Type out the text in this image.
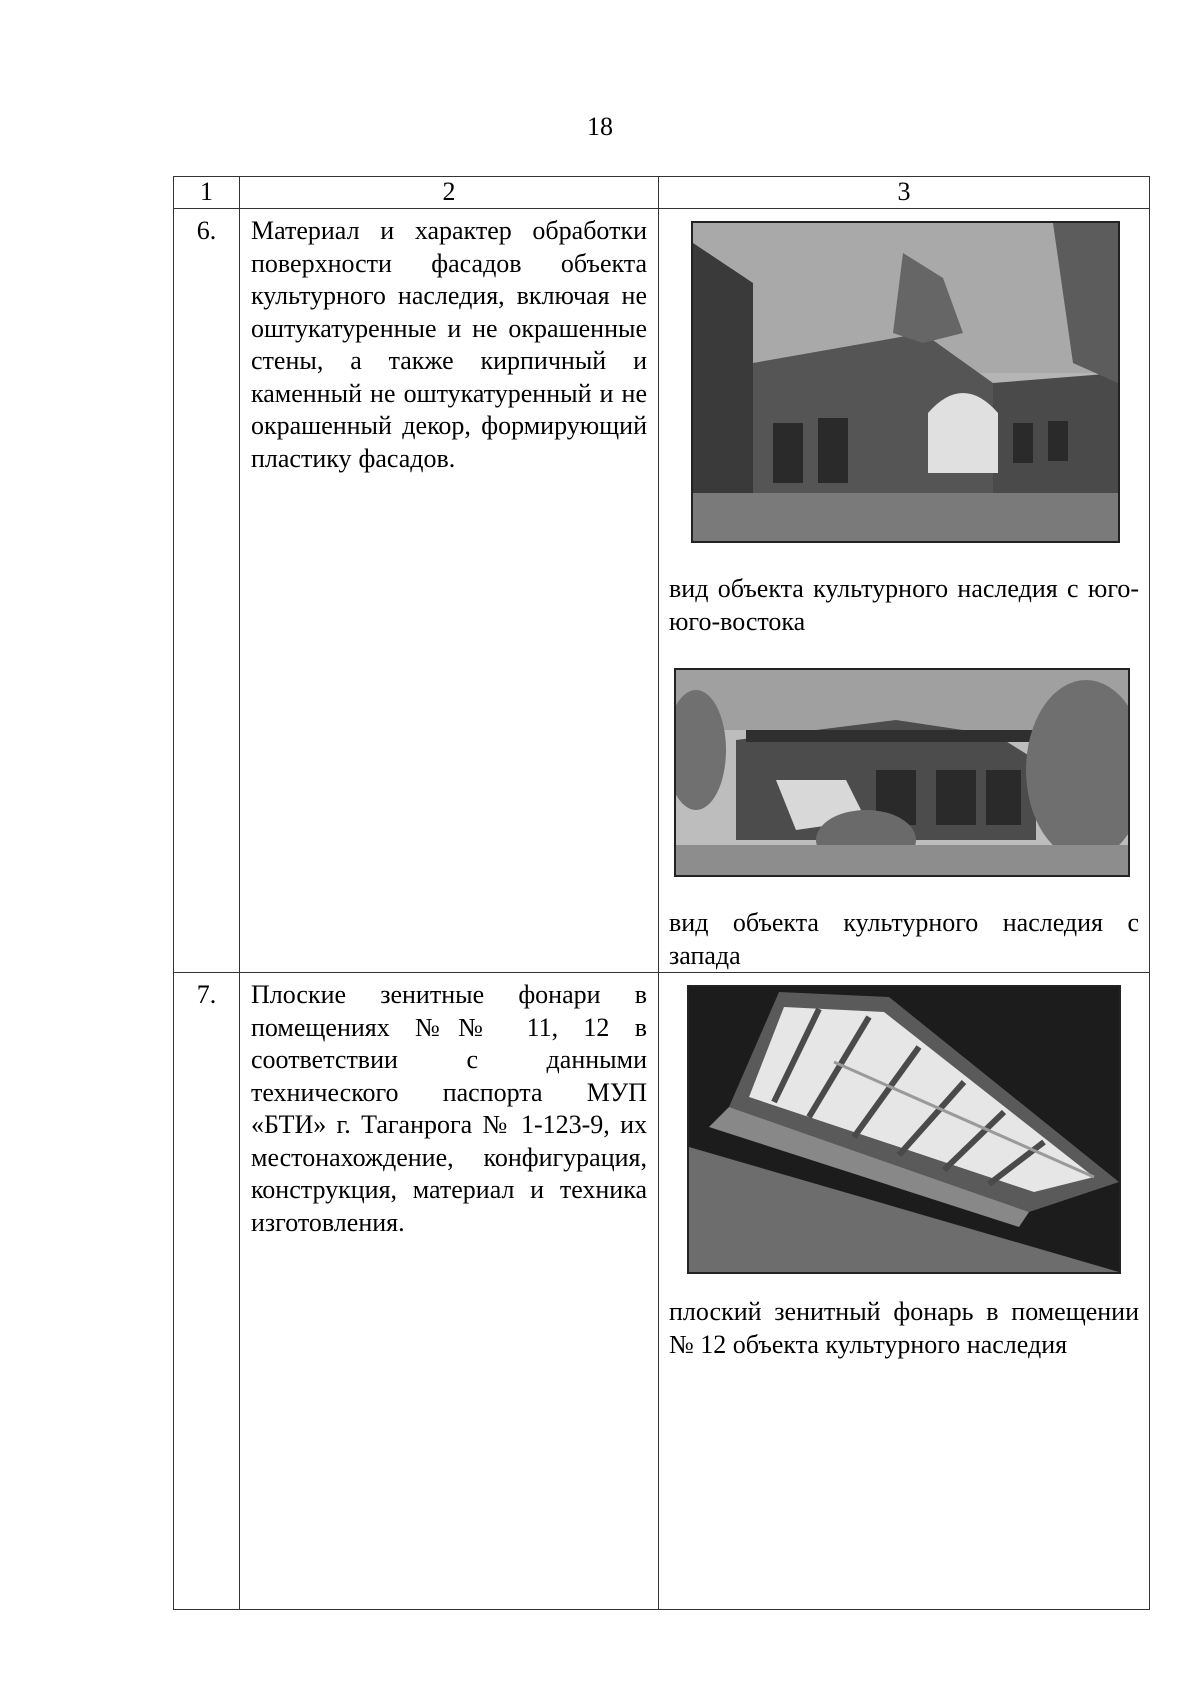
18
1	2	3
6.	Материал и характер обработки поверхности фасадов объекта культурного наследия, включая не оштукатуренные и не окрашенные стены, а также кирпичный и каменный не оштукатуренный и не окрашенный декор, формирующий пластику фасадов.	вид объекта культурного наследия с юго-юго-востока
вид объекта культурного наследия с запада

7.	Плоские зенитные фонари в помещениях №№ 11, 12 в соответствии с данными технического паспорта МУП «БТИ» г. Таганрога № 1-123-9, их местонахождение, конфигурация, конструкция, материал и техника изготовления.	плоский зенитный фонарь в помещении № 12 объекта культурного наследия
